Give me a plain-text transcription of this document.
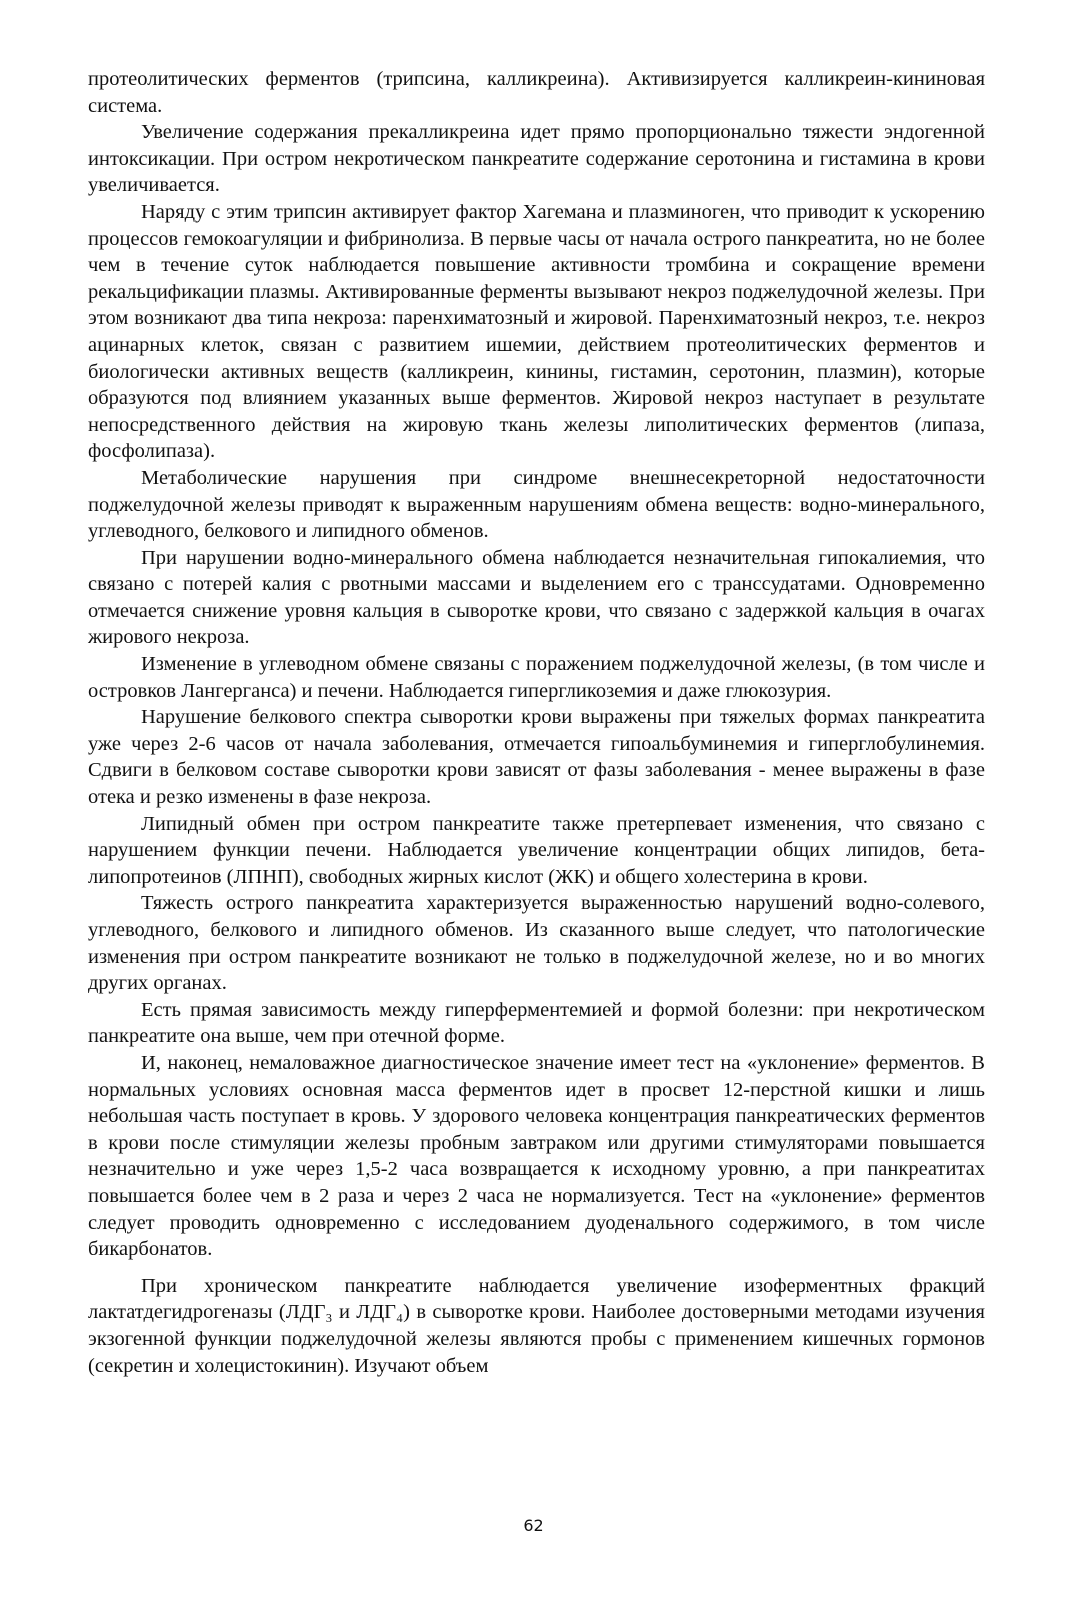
протеолитических ферментов (трипсина, калликреина). Активизируется калликреин-кининовая система.

Увеличение содержания прекалликреина идет прямо пропорционально тяжести эндогенной интоксикации. При остром некротическом панкреатите содержание серотонина и гистамина в крови увеличивается.

Наряду с этим трипсин активирует фактор Хагемана и плазминоген, что приводит к ускорению процессов гемокоагуляции и фибринолиза. В первые часы от начала острого панкреатита, но не более чем в течение суток наблюдается повышение активности тромбина и сокращение времени рекальцификации плазмы. Активированные ферменты вызывают некроз поджелудочной железы. При этом возникают два типа некроза: паренхиматозный и жировой. Паренхиматозный некроз, т.е. некроз ацинарных клеток, связан с развитием ишемии, действием протеолитических ферментов и биологически активных веществ (калликреин, кинины, гистамин, серотонин, плазмин), которые образуются под влиянием указанных выше ферментов. Жировой некроз наступает в результате непосредственного действия на жировую ткань железы липолитических ферментов (липаза, фосфолипаза).

Метаболические нарушения при синдроме внешнесекреторной недостаточности поджелудочной железы приводят к выраженным нарушениям обмена веществ: водно-минерального, углеводного, белкового и липидного обменов.

При нарушении водно-минерального обмена наблюдается незначительная гипокалиемия, что связано с потерей калия с рвотными массами и выделением его с транссудатами. Одновременно отмечается снижение уровня кальция в сыворотке крови, что связано с задержкой кальция в очагах жирового некроза.

Изменение в углеводном обмене связаны с поражением поджелудочной железы, (в том числе и островков Лангерганса) и печени. Наблюдается гипергликоземия и даже глюкозурия.

Нарушение белкового спектра сыворотки крови выражены при тяжелых формах панкреатита уже через 2-6 часов от начала заболевания, отмечается гипоальбуминемия и гиперглобулинемия. Сдвиги в белковом составе сыворотки крови зависят от фазы заболевания - менее выражены в фазе отека и резко изменены в фазе некроза.

Липидный обмен при остром панкреатите также претерпевает изменения, что связано с нарушением функции печени. Наблюдается увеличение концентрации общих липидов, бета-липопротеинов (ЛПНП), свободных жирных кислот (ЖК) и общего холестерина в крови.

Тяжесть острого панкреатита характеризуется выраженностью нарушений водно-солевого, углеводного, белкового и липидного обменов. Из сказанного выше следует, что патологические изменения при остром панкреатите возникают не только в поджелудочной железе, но и во многих других органах.

Есть прямая зависимость между гиперферментемией и формой болезни: при некротическом панкреатите она выше, чем при отечной форме.

И, наконец, немаловажное диагностическое значение имеет тест на «уклонение» ферментов. В нормальных условиях основная масса ферментов идет в просвет 12-перстной кишки и лишь небольшая часть поступает в кровь. У здорового человека концентрация панкреатических ферментов в крови после стимуляции железы пробным завтраком или другими стимуляторами повышается незначительно и уже через 1,5-2 часа возвращается к исходному уровню, а при панкреатитах повышается более чем в 2 раза и через 2 часа не нормализуется. Тест на «уклонение» ферментов следует проводить одновременно с исследованием дуоденального содержимого, в том числе бикарбонатов.

При хроническом панкреатите наблюдается увеличение изоферментных фракций лактатдегидрогеназы (ЛДГ₃ и ЛДГ₄) в сыворотке крови. Наиболее достоверными методами изучения экзогенной функции поджелудочной железы являются пробы с применением кишечных гормонов (секретин и холецистокинин). Изучают объем

62
